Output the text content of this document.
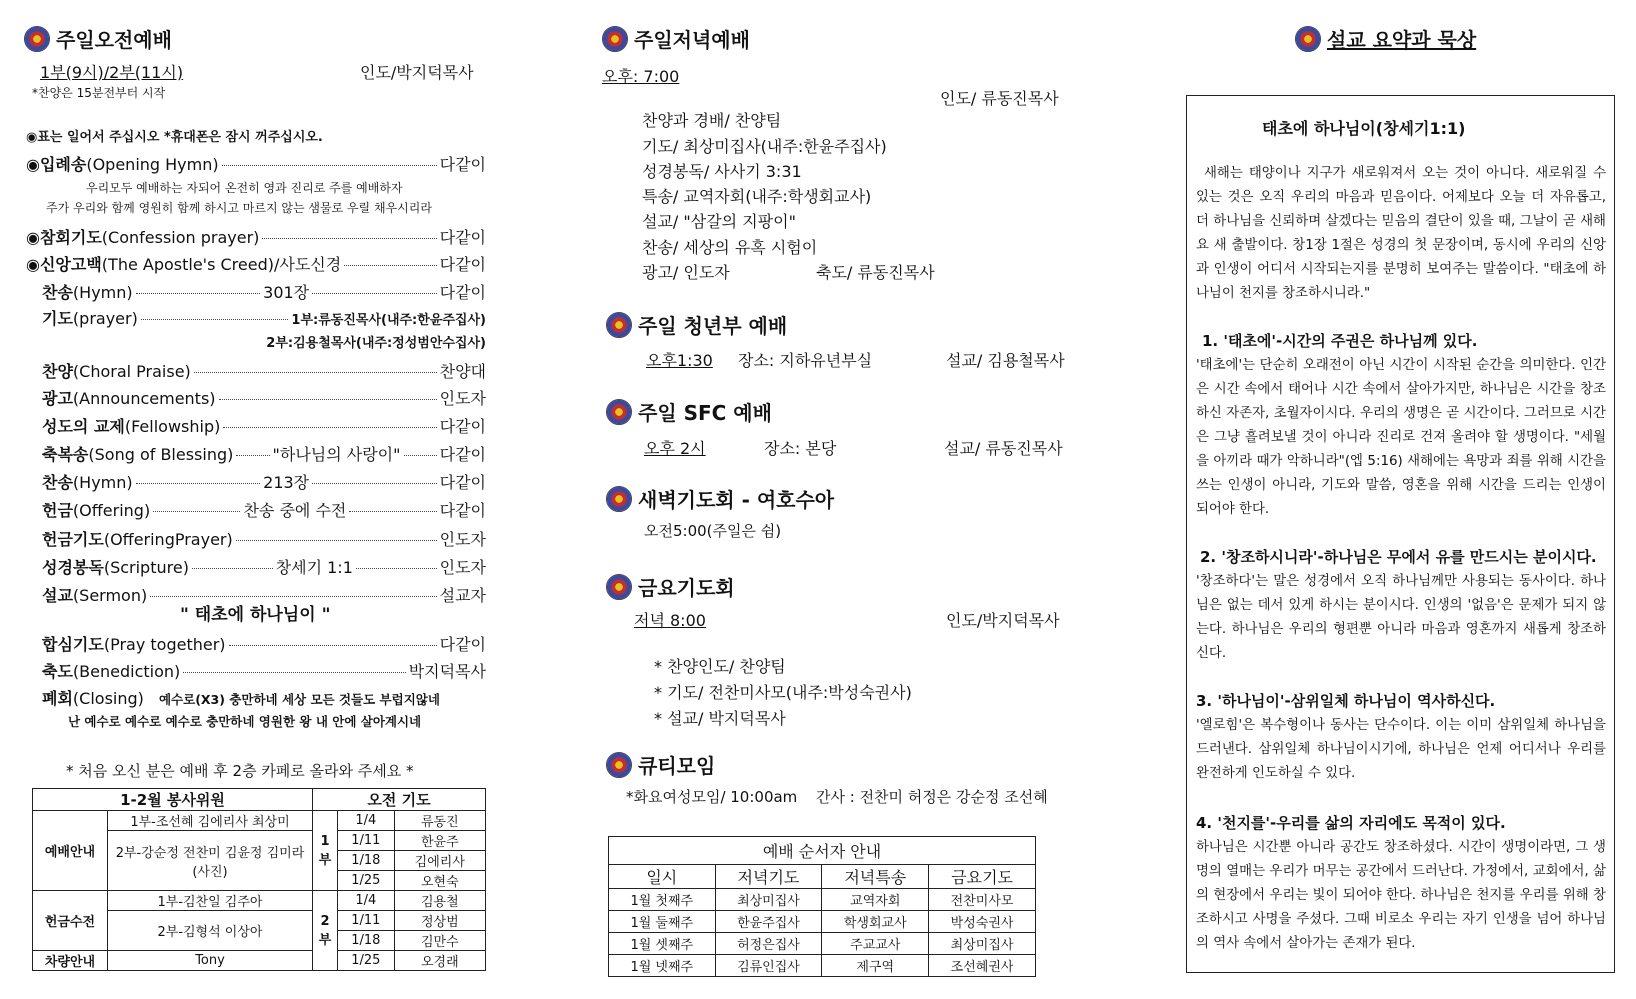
주일오전예배
1부(9시)/2부(11시)	인도/박지덕목사
*찬양은 15분전부터 시작
◉표는 일어서 주십시오 *휴대폰은 잠시 꺼주십시오.
◉입례송 (Opening Hymn)	다같이
우리모두 예배하는 자되어 온전히 영과 진리로 주를 예배하자
주가 우리와 함께 영원히 함께 하시고 마르지 않는 샘물로 우릴 채우시리라
◉참회기도 (Confession prayer)	다같이
◉신앙고백 (The Apostle's Creed)/사도신경	다같이
찬송 (Hymn)	301장	다같이
기도 (prayer)	1부:류동진목사(내주:한윤주집사)
2부:김용철목사(내주:정성범안수집사)
찬양 (Choral Praise)	찬양대
광고 (Announcements)	인도자
성도의 교제 (Fellowship)	다같이
축복송 (Song of Blessing) "하나님의 사랑이" 다같이
찬송 (Hymn)	213장	다같이
헌금 (Offering)	찬송 중에 수전	다같이
헌금기도 (OfferingPrayer)	인도자
성경봉독 (Scripture)	창세기 1:1	인도자
설교 (Sermon)	설교자
" 태초에 하나님이 "
합심기도 (Pray together)	다같이
축도 (Benediction)	박지덕목사
폐회(Closing) 예수로(X3) 충만하네 세상 모든 것들도 부럽지않네
난 예수로 예수로 예수로 충만하네 영원한 왕 내 안에 살아계시네
* 처음 오신 분은 예배 후 2층 카페로 올라와 주세요 *
1-2월 봉사위원		오전 기도		
예배안내	1부-조선혜 김에리사 최상미	1 부	1/4	류동진
	2부-강순정 전찬미 김윤정 김미라(사진)		1/11	한윤주
			1/18	김에리사
			1/25	오현숙
헌금수전	1부-김찬일 김주아	2 부	1/4	김용철
	2부-김형석 이상아		1/11	정상범
			1/18	김만수
차량안내	Tony		1/25	오경래
주일저녁예배
오후: 7:00
인도/ 류동진목사
찬양과 경배/ 찬양팀
기도/ 최상미집사(내주:한윤주집사)
성경봉독/ 사사기 3:31
특송/ 교역자회(내주:학생회교사)
설교/ "삼갈의 지팡이"
찬송/ 세상의 유혹 시험이
광고/ 인도자	축도/ 류동진목사
주일 청년부 예배
오후1:30 장소: 지하유년부실	설교/ 김용철목사
주일 SFC 예배
오후 2시	장소: 본당	설교/ 류동진목사
새벽기도회 - 여호수아
오전5:00(주일은 쉼)
금요기도회
저녁 8:00	인도/박지덕목사
* 찬양인도/ 찬양팀
* 기도/ 전찬미사모(내주:박성숙권사)
* 설교/ 박지덕목사
큐티모임
*화요여성모임/ 10:00am 간사 : 전찬미 허정은 강순정 조선혜
예배 순서자 안내			
일시	저녁기도	저녁특송	금요기도
1월 첫째주	최상미집사	교역자회	전찬미사모
1월 둘째주	한윤주집사	학생회교사	박성숙권사
1월 셋째주	허정은집사	주교교사	최상미집사
1월 넷째주	김류인집사	제구역	조선혜권사
설교 요약과 묵상
태초에 하나님이(창세기1:1)
새해는 태양이나 지구가 새로워져서 오는 것이 아니다. 새로워질 수 있는 것은 오직 우리의 마음과 믿음이다. 어제보다 오늘 더 자유롭고, 더 하나님을 신뢰하며 살겠다는 믿음의 결단이 있을 때, 그날이 곧 새해요 새 출발이다. 창1장 1절은 성경의 첫 문장이며, 동시에 우리의 신앙과 인생이 어디서 시작되는지를 분명히 보여주는 말씀이다. "태초에 하나님이 천지를 창조하시니라."
1. '태초에'-시간의 주권은 하나님께 있다.
'태초에'는 단순히 오래전이 아닌 시간이 시작된 순간을 의미한다. 인간은 시간 속에서 태어나 시간 속에서 살아가지만, 하나님은 시간을 창조하신 자존자, 초월자이시다. 우리의 생명은 곧 시간이다. 그러므로 시간은 그냥 흘려보낼 것이 아니라 진리로 건져 올려야 할 생명이다. "세월을 아끼라 때가 악하니라"(엡 5:16) 새해에는 욕망과 죄를 위해 시간을 쓰는 인생이 아니라, 기도와 말씀, 영혼을 위해 시간을 드리는 인생이 되어야 한다.
2. '창조하시니라'-하나님은 무에서 유를 만드시는 분이시다.
'창조하다'는 말은 성경에서 오직 하나님께만 사용되는 동사이다. 하나님은 없는 데서 있게 하시는 분이시다. 인생의 '없음'은 문제가 되지 않는다. 하나님은 우리의 형편뿐 아니라 마음과 영혼까지 새롭게 창조하신다.
3. '하나님이'-삼위일체 하나님이 역사하신다.
'엘로힘'은 복수형이나 동사는 단수이다. 이는 이미 삼위일체 하나님을 드러낸다. 삼위일체 하나님이시기에, 하나님은 언제 어디서나 우리를 완전하게 인도하실 수 있다.
4. '천지를'-우리를 삶의 자리에도 목적이 있다.
하나님은 시간뿐 아니라 공간도 창조하셨다. 시간이 생명이라면, 그 생명의 열매는 우리가 머무는 공간에서 드러난다. 가정에서, 교회에서, 삶의 현장에서 우리는 빛이 되어야 한다. 하나님은 천지를 우리를 위해 창조하시고 사명을 주셨다. 그때 비로소 우리는 자기 인생을 넘어 하나님의 역사 속에서 살아가는 존재가 된다.
